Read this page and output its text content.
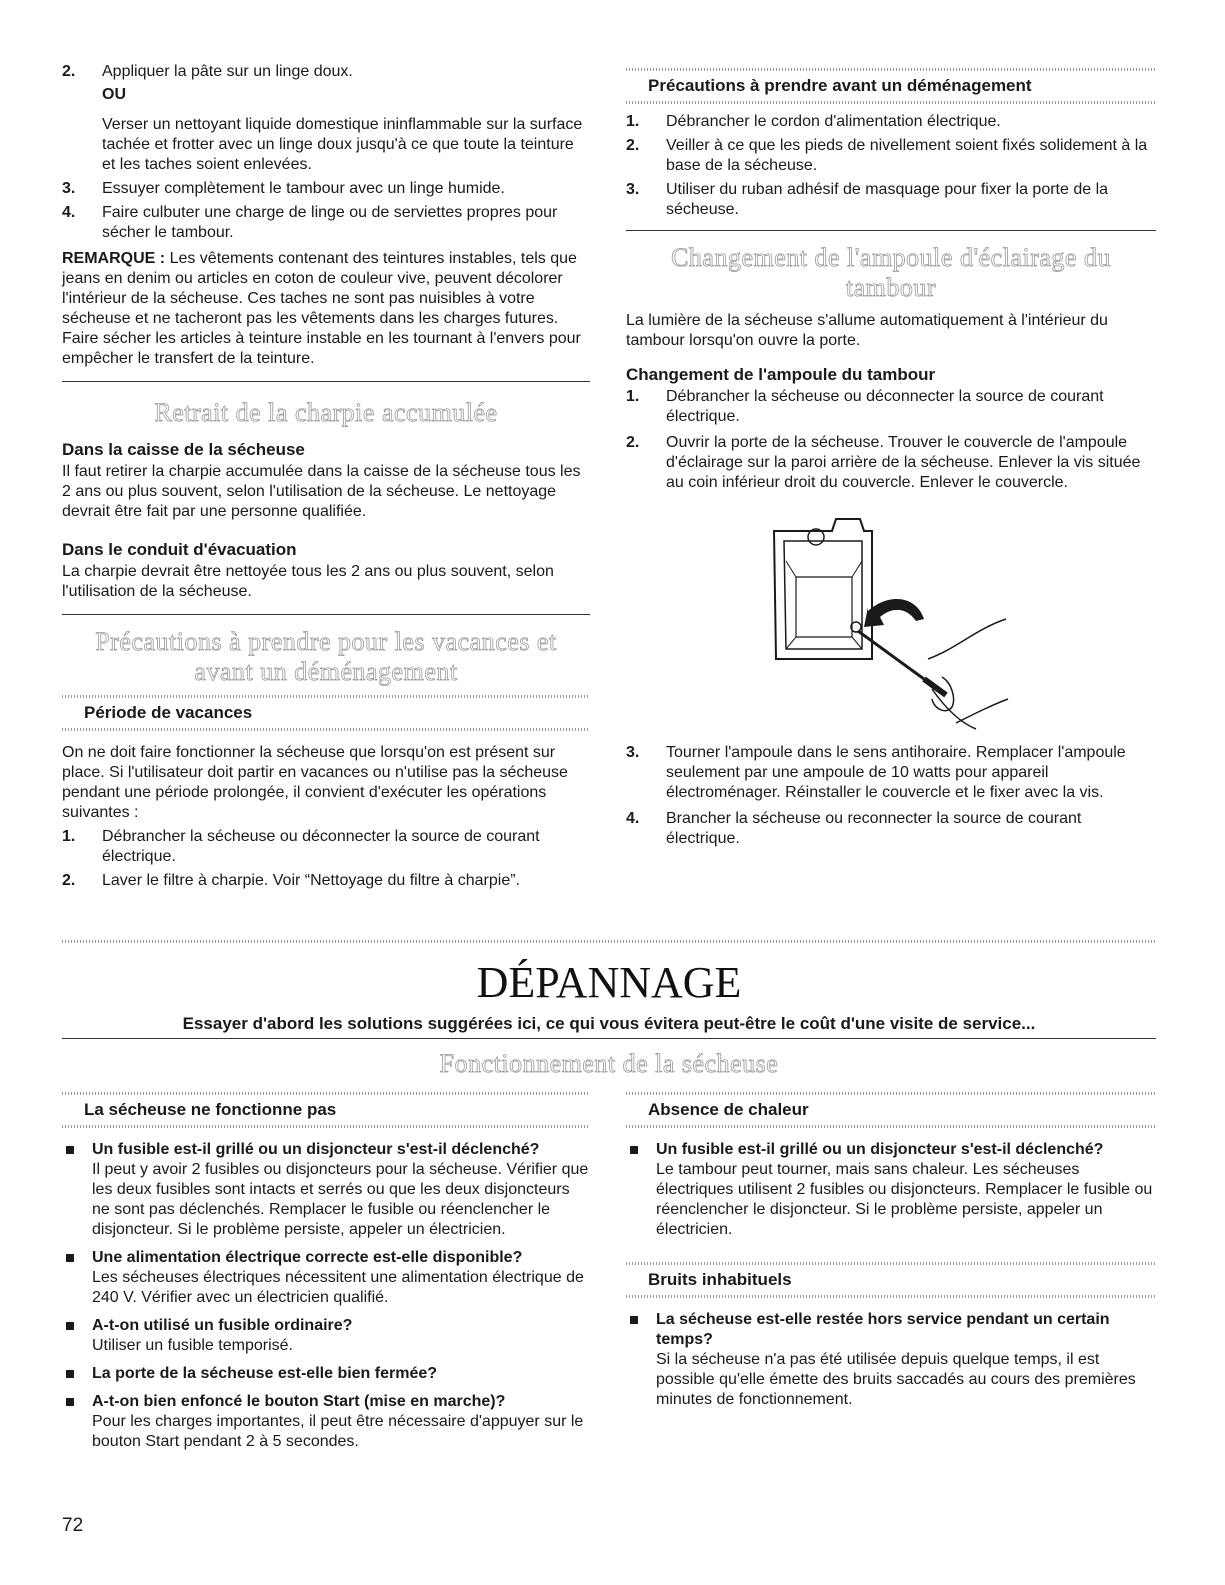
2.	Appliquer la pâte sur un linge doux.

OU

Verser un nettoyant liquide domestique ininflammable sur la surface tachée et frotter avec un linge doux jusqu'à ce que toute la teinture et les taches soient enlevées.

3.	Essuyer complètement le tambour avec un linge humide.

4.	Faire culbuter une charge de linge ou de serviettes propres pour sécher le tambour.

REMARQUE : Les vêtements contenant des teintures instables, tels que jeans en denim ou articles en coton de couleur vive, peuvent décolorer l'intérieur de la sécheuse. Ces taches ne sont pas nuisibles à votre sécheuse et ne tacheront pas les vêtements dans les charges futures. Faire sécher les articles à teinture instable en les tournant à l'envers pour empêcher le transfert de la teinture.

Retrait de la charpie accumulée

Dans la caisse de la sécheuse

Il faut retirer la charpie accumulée dans la caisse de la sécheuse tous les 2 ans ou plus souvent, selon l'utilisation de la sécheuse. Le nettoyage devrait être fait par une personne qualifiée.

Dans le conduit d'évacuation

La charpie devrait être nettoyée tous les 2 ans ou plus souvent, selon l'utilisation de la sécheuse.

Précautions à prendre pour les vacances et avant un déménagement
Période de vacances

On ne doit faire fonctionner la sécheuse que lorsqu'on est présent sur place. Si l'utilisateur doit partir en vacances ou n'utilise pas la sécheuse pendant une période prolongée, il convient d'exécuter les opérations suivantes :

1.	Débrancher la sécheuse ou déconnecter la source de courant électrique.

2.	Laver le filtre à charpie. Voir “Nettoyage du filtre à charpie”.

Précautions à prendre avant un déménagement
1.	Débrancher le cordon d'alimentation électrique.

2.	Veiller à ce que les pieds de nivellement soient fixés solidement à la base de la sécheuse.

3.	Utiliser du ruban adhésif de masquage pour fixer la porte de la sécheuse.

Changement de l'ampoule d'éclairage du tambour

La lumière de la sécheuse s'allume automatiquement à l'intérieur du tambour lorsqu'on ouvre la porte.

Changement de l'ampoule du tambour

1.	Débrancher la sécheuse ou déconnecter la source de courant électrique.

2.	Ouvrir la porte de la sécheuse. Trouver le couvercle de l'ampoule d'éclairage sur la paroi arrière de la sécheuse. Enlever la vis située au coin inférieur droit du couvercle. Enlever le couvercle.

3.	Tourner l'ampoule dans le sens antihoraire. Remplacer l'ampoule seulement par une ampoule de 10 watts pour appareil électroménager. Réinstaller le couvercle et le fixer avec la vis.

4.	Brancher la sécheuse ou reconnecter la source de courant électrique.

DÉPANNAGE
Essayer d'abord les solutions suggérées ici, ce qui vous évitera peut-être le coût d'une visite de service...
Fonctionnement de la sécheuse
La sécheuse ne fonctionne pas

Un fusible est-il grillé ou un disjoncteur s'est-il déclenché?

Il peut y avoir 2 fusibles ou disjoncteurs pour la sécheuse. Vérifier que les deux fusibles sont intacts et serrés ou que les deux disjoncteurs ne sont pas déclenchés. Remplacer le fusible ou réenclencher le disjoncteur. Si le problème persiste, appeler un électricien.

Une alimentation électrique correcte est-elle disponible?

Les sécheuses électriques nécessitent une alimentation électrique de 240 V. Vérifier avec un électricien qualifié.

A-t-on utilisé un fusible ordinaire?

Utiliser un fusible temporisé.

La porte de la sécheuse est-elle bien fermée?

A-t-on bien enfoncé le bouton Start (mise en marche)?

Pour les charges importantes, il peut être nécessaire d'appuyer sur le bouton Start pendant 2 à 5 secondes.

Absence de chaleur

Un fusible est-il grillé ou un disjoncteur s'est-il déclenché?

Le tambour peut tourner, mais sans chaleur. Les sécheuses électriques utilisent 2 fusibles ou disjoncteurs. Remplacer le fusible ou réenclencher le disjoncteur. Si le problème persiste, appeler un électricien.

Bruits inhabituels

La sécheuse est-elle restée hors service pendant un certain temps?

Si la sécheuse n'a pas été utilisée depuis quelque temps, il est possible qu'elle émette des bruits saccadés au cours des premières minutes de fonctionnement.

72
